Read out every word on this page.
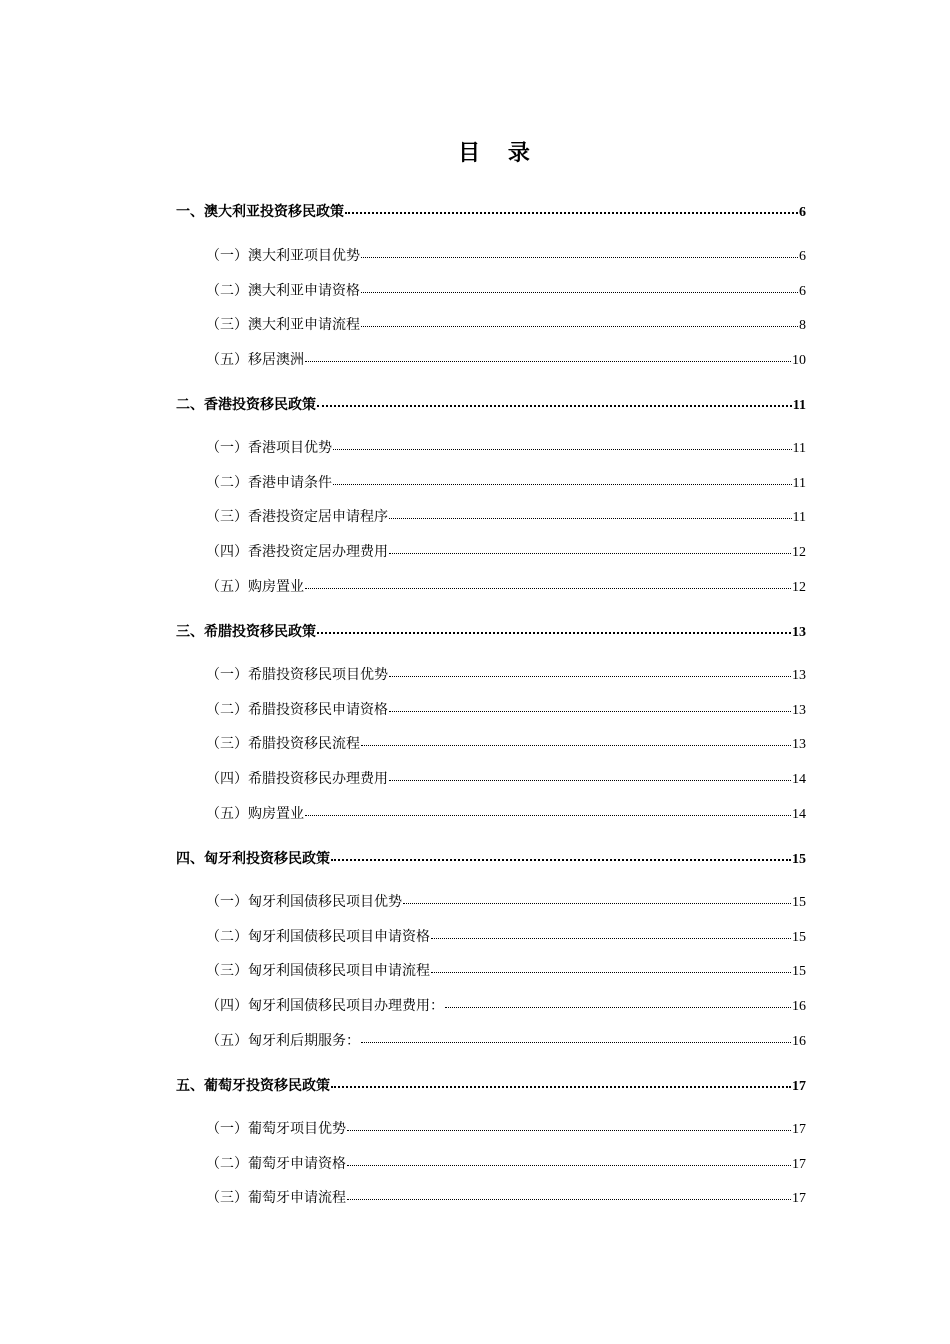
目 录
一、澳大利亚投资移民政策	6
（一）澳大利亚项目优势	6
（二）澳大利亚申请资格	6
（三）澳大利亚申请流程	8
（五）移居澳洲	10
二、香港投资移民政策	11
（一）香港项目优势	11
（二）香港申请条件	11
（三）香港投资定居申请程序	11
（四）香港投资定居办理费用	12
（五）购房置业	12
三、希腊投资移民政策	13
（一）希腊投资移民项目优势	13
（二）希腊投资移民申请资格	13
（三）希腊投资移民流程	13
（四）希腊投资移民办理费用	14
（五）购房置业	14
四、匈牙利投资移民政策	15
（一）匈牙利国债移民项目优势	15
（二）匈牙利国债移民项目申请资格	15
（三）匈牙利国债移民项目申请流程	15
（四）匈牙利国债移民项目办理费用：	16
（五）匈牙利后期服务：	16
五、葡萄牙投资移民政策	17
（一）葡萄牙项目优势	17
（二）葡萄牙申请资格	17
（三）葡萄牙申请流程	17
